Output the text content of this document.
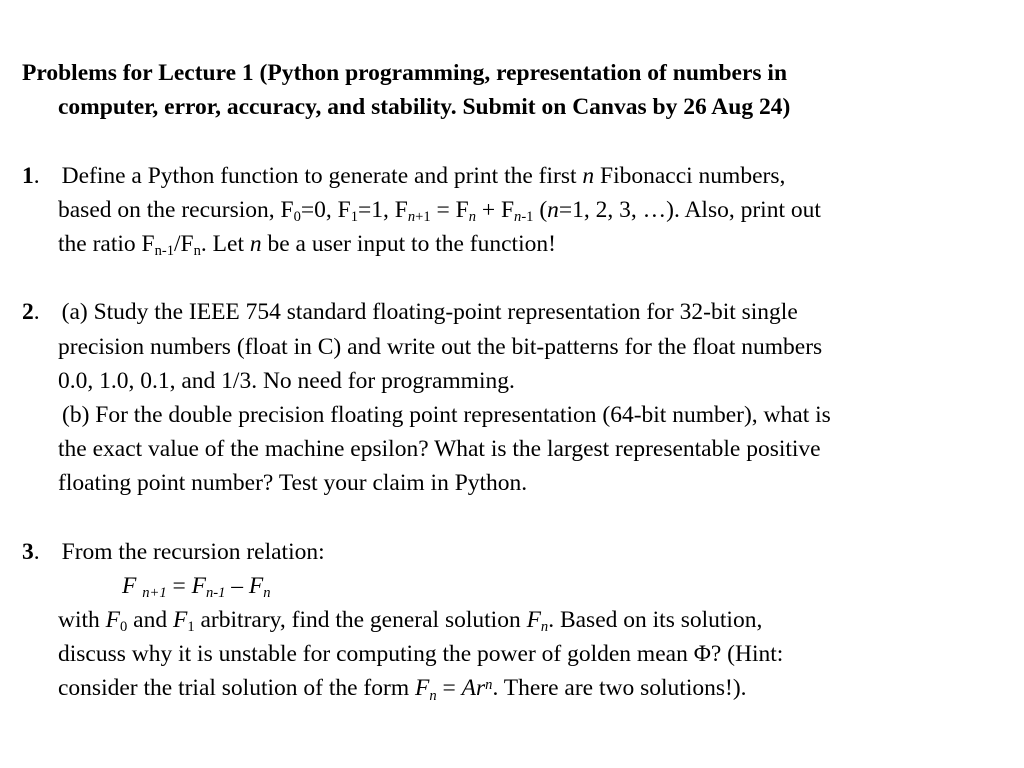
Problems for Lecture 1 (Python programming, representation of numbers in
computer, error, accuracy, and stability. Submit on Canvas by 26 Aug 24)
1. Define a Python function to generate and print the first n Fibonacci numbers,
based on the recursion, $F_0=0$, $F_1=1$, $F_{n+1} = F_n + F_{n-1}$ (n=1, 2, 3, …). Also, print out
the ratio $F_{n-1}/F_n$. Let n be a user input to the function!
2. (a) Study the IEEE 754 standard floating-point representation for 32-bit single
precision numbers (float in C) and write out the bit-patterns for the float numbers
0.0, 1.0, 0.1, and 1/3. No need for programming.
(b) For the double precision floating point representation (64-bit number), what is
the exact value of the machine epsilon? What is the largest representable positive
floating point number? Test your claim in Python.
3. From the recursion relation:
F $_{n+1} = F_{n-1} - F_n$
with $F_0$ and $F_1$ arbitrary, find the general solution $F_n$. Based on its solution,
discuss why it is unstable for computing the power of golden mean Φ? (Hint:
consider the trial solution of the form $F_n = Ar^n$. There are two solutions!).
